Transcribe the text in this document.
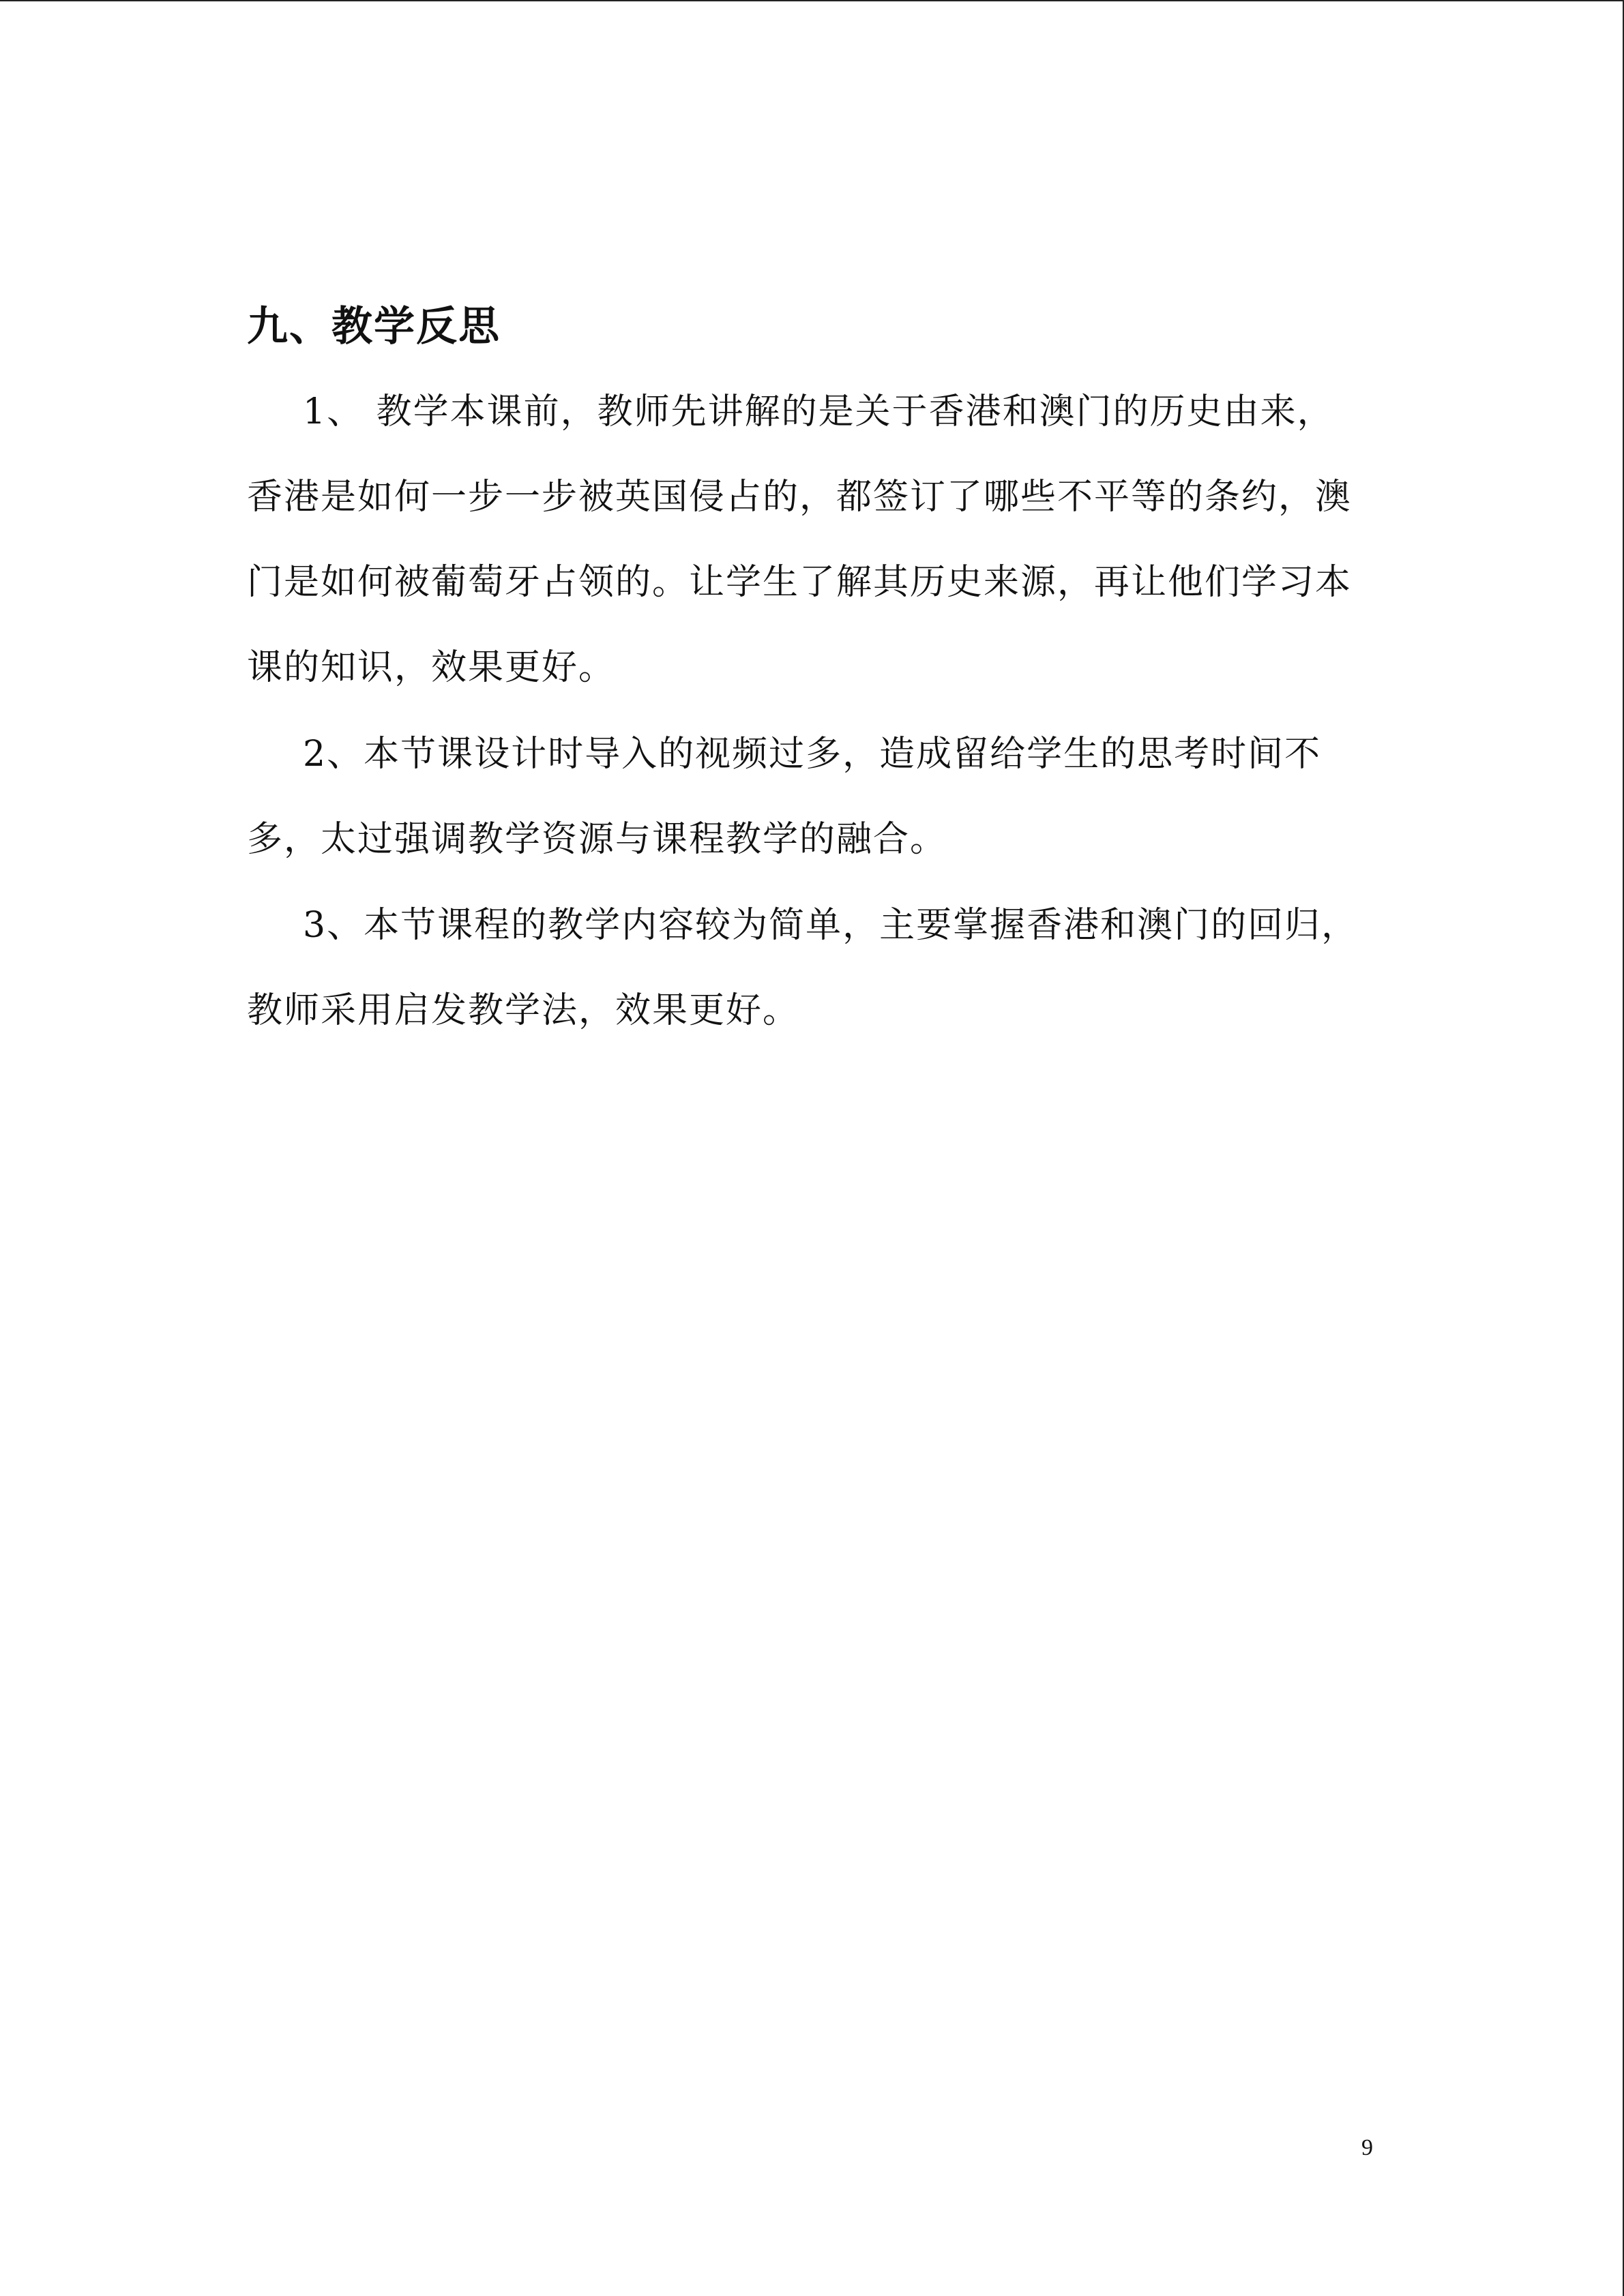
九、教学反思

1、 教学本课前，教师先讲解的是关于香港和澳门的历史由来，香港是如何一步一步被英国侵占的，都签订了哪些不平等的条约，澳门是如何被葡萄牙占领的。让学生了解其历史来源，再让他们学习本课的知识，效果更好。

2、本节课设计时导入的视频过多，造成留给学生的思考时间不多，太过强调教学资源与课程教学的融合。

3、本节课程的教学内容较为简单，主要掌握香港和澳门的回归，教师采用启发教学法，效果更好。

9
